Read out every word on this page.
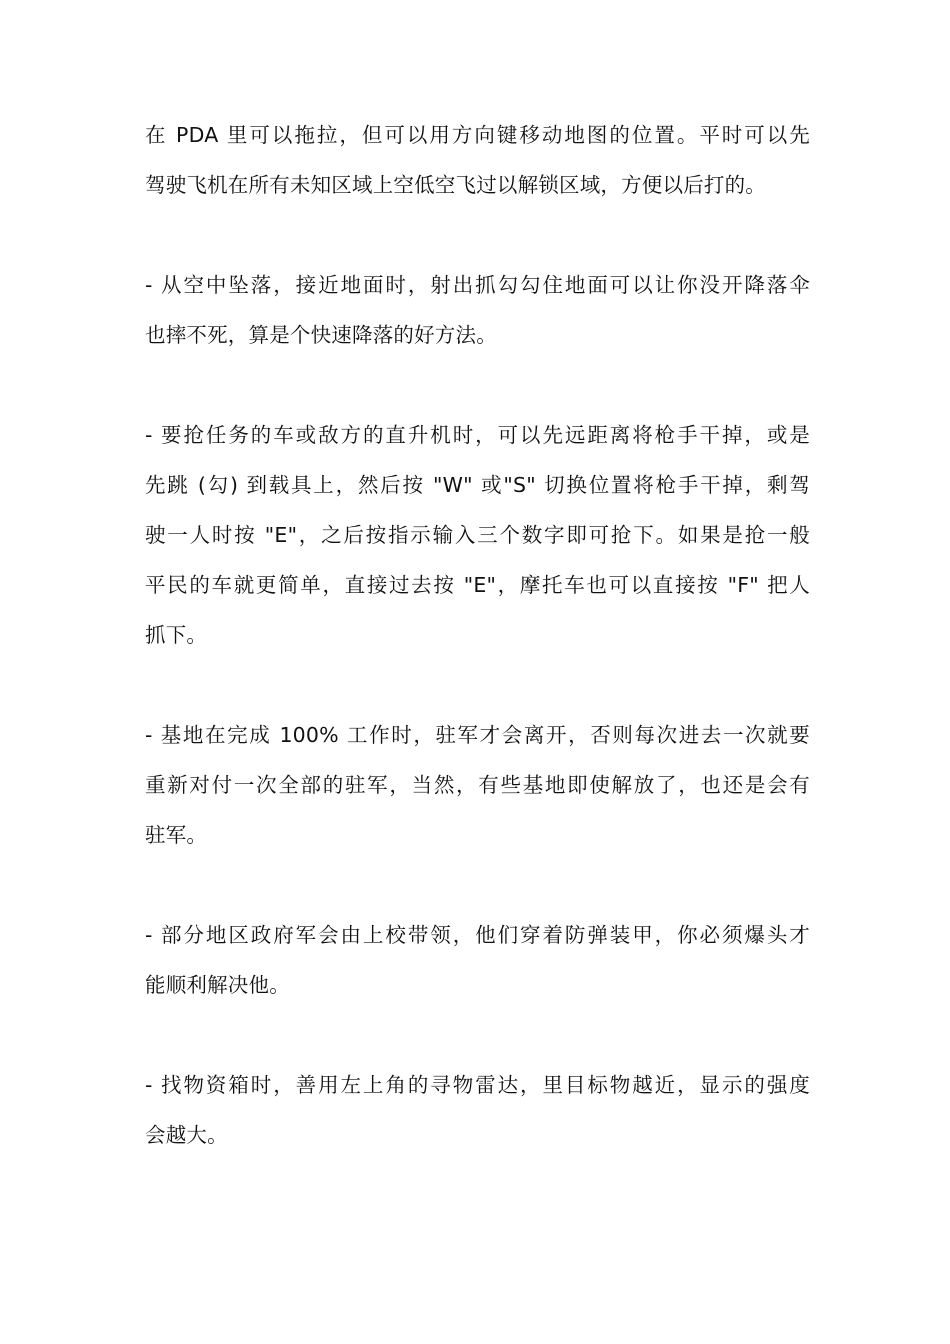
在 PDA 里可以拖拉，但可以用方向键移动地图的位置。平时可以先
驾驶飞机在所有未知区域上空低空飞过以解锁区域，方便以后打的。
- 从空中坠落，接近地面时，射出抓勾勾住地面可以让你没开降落伞
也摔不死，算是个快速降落的好方法。
- 要抢任务的车或敌方的直升机时，可以先远距离将枪手干掉，或是
先跳 (勾) 到载具上，然后按 "W" 或"S" 切换位置将枪手干掉，剩驾
驶一人时按 "E"，之后按指示输入三个数字即可抢下。如果是抢一般
平民的车就更简单，直接过去按 "E"，摩托车也可以直接按 "F" 把人
抓下。
- 基地在完成 100% 工作时，驻军才会离开，否则每次进去一次就要
重新对付一次全部的驻军，当然，有些基地即使解放了，也还是会有
驻军。
- 部分地区政府军会由上校带领，他们穿着防弹装甲，你必须爆头才
能顺利解决他。
- 找物资箱时，善用左上角的寻物雷达，里目标物越近，显示的强度
会越大。
